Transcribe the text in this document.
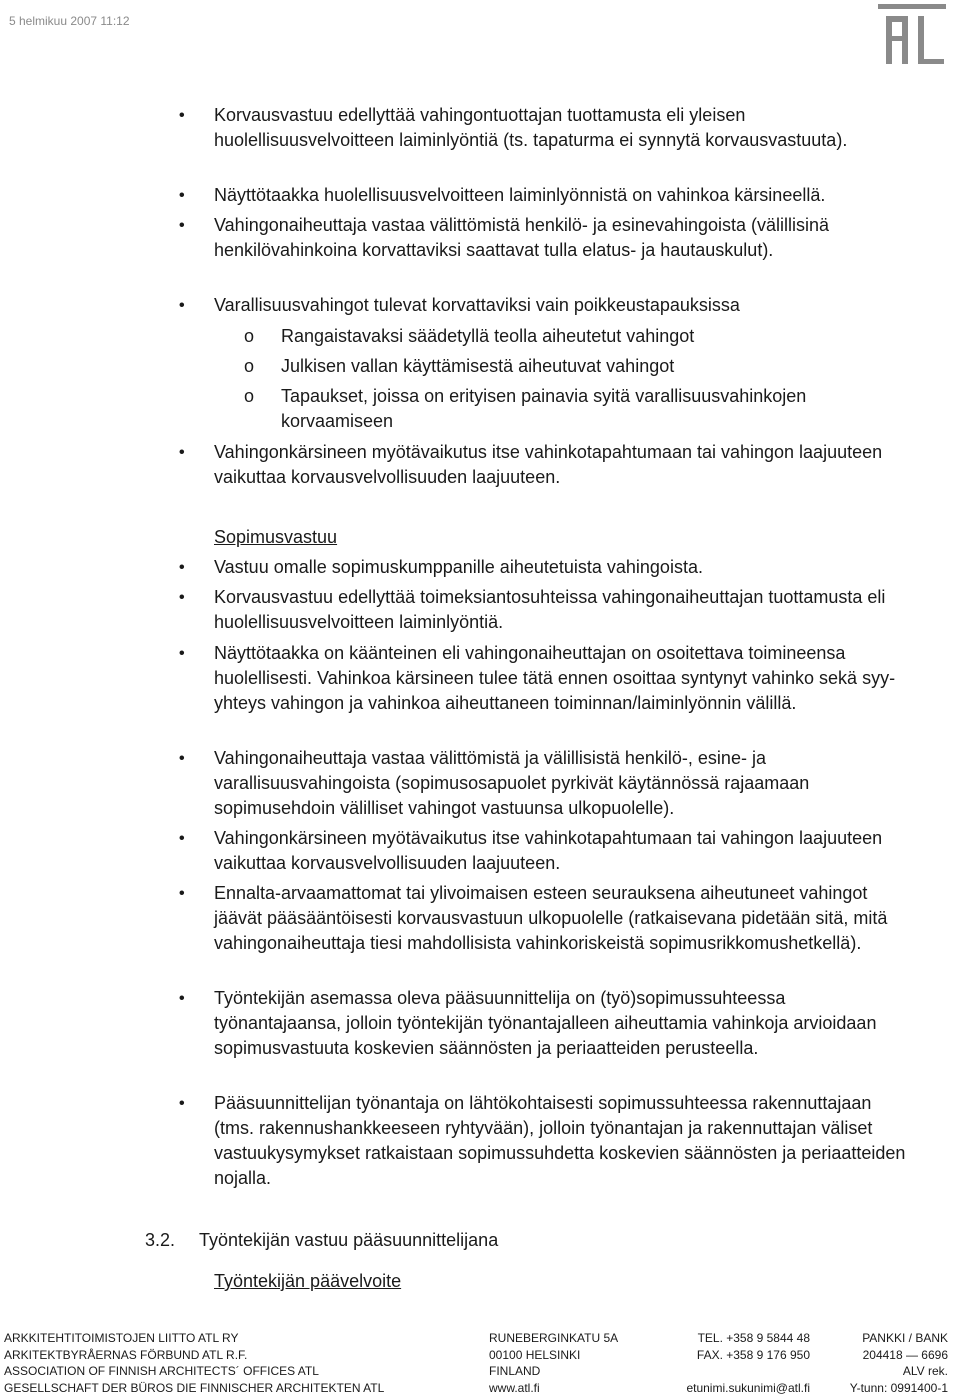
5 helmikuu 2007 11:12
• Korvausvastuu edellyttää vahingontuottajan tuottamusta eli yleisen huolellisuusvelvoitteen laiminlyöntiä (ts. tapaturma ei synnytä korvausvastuuta).
• Näyttötaakka huolellisuusvelvoitteen laiminlyönnistä on vahinkoa kärsineellä.
• Vahingonaiheuttaja vastaa välittömistä henkilö- ja esinevahingoista (välillisinä henkilövahinkoina korvattaviksi saattavat tulla elatus- ja hautauskulut).
• Varallisuusvahingot tulevat korvattaviksi vain poikkeustapauksissa
o Rangaistavaksi säädetyllä teolla aiheutetut vahingot
o Julkisen vallan käyttämisestä aiheutuvat vahingot
o Tapaukset, joissa on erityisen painavia syitä varallisuusvahinkojen korvaamiseen
• Vahingonkärsineen myötävaikutus itse vahinkotapahtumaan tai vahingon laajuuteen vaikuttaa korvausvelvollisuuden laajuuteen.
Sopimusvastuu
• Vastuu omalle sopimuskumppanille aiheutetuista vahingoista.
• Korvausvastuu edellyttää toimeksiantosuhteissa vahingonaiheuttajan tuottamusta eli huolellisuusvelvoitteen laiminlyöntiä.
• Näyttötaakka on käänteinen eli vahingonaiheuttajan on osoitettava toimineensa huolellisesti. Vahinkoa kärsineen tulee tätä ennen osoittaa syntynyt vahinko sekä syy-yhteys vahingon ja vahinkoa aiheuttaneen toiminnan/laiminlyönnin välillä.
• Vahingonaiheuttaja vastaa välittömistä ja välillisistä henkilö-, esine- ja varallisuusvahingoista (sopimusosapuolet pyrkivät käytännössä rajaamaan sopimusehdoin välilliset vahingot vastuunsa ulkopuolelle).
• Vahingonkärsineen myötävaikutus itse vahinkotapahtumaan tai vahingon laajuuteen vaikuttaa korvausvelvollisuuden laajuuteen.
• Ennalta-arvaamattomat tai ylivoimaisen esteen seurauksena aiheutuneet vahingot jäävät pääsääntöisesti korvausvastuun ulkopuolelle (ratkaisevana pidetään sitä, mitä vahingonaiheuttaja tiesi mahdollisista vahinkoriskeistä sopimusrikkomushetkellä).
• Työntekijän asemassa oleva pääsuunnittelija on (työ)sopimussuhteessa työnantajaansa, jolloin työntekijän työnantajalleen aiheuttamia vahinkoja arvioidaan sopimusvastuuta koskevien säännösten ja periaatteiden perusteella.
• Pääsuunnittelijan työnantaja on lähtökohtaisesti sopimussuhteessa rakennuttajaan (tms. rakennushankkeeseen ryhtyvään), jolloin työnantajan ja rakennuttajan väliset vastuukysymykset ratkaistaan sopimussuhdetta koskevien säännösten ja periaatteiden nojalla.
3.2. Työntekijän vastuu pääsuunnittelijana
Työntekijän päävelvoite
ARKKITEHTITOIMISTOJEN LIITTO ATL RY
ARKITEKTBYRÅERNAS FÖRBUND ATL R.F.
ASSOCIATION OF FINNISH ARCHITECTS´ OFFICES ATL
GESELLSCHAFT DER BÜROS DIE FINNISCHER ARCHITEKTEN ATL
RUNEBERGINKATU 5A
00100 HELSINKI
FINLAND
www.atl.fi
TEL. +358 9 5844 48
FAX. +358 9 176 950

etunimi.sukunimi@atl.fi
PANKKI / BANK
204418 — 6696
ALV rek.
Y-tunn: 0991400-1
